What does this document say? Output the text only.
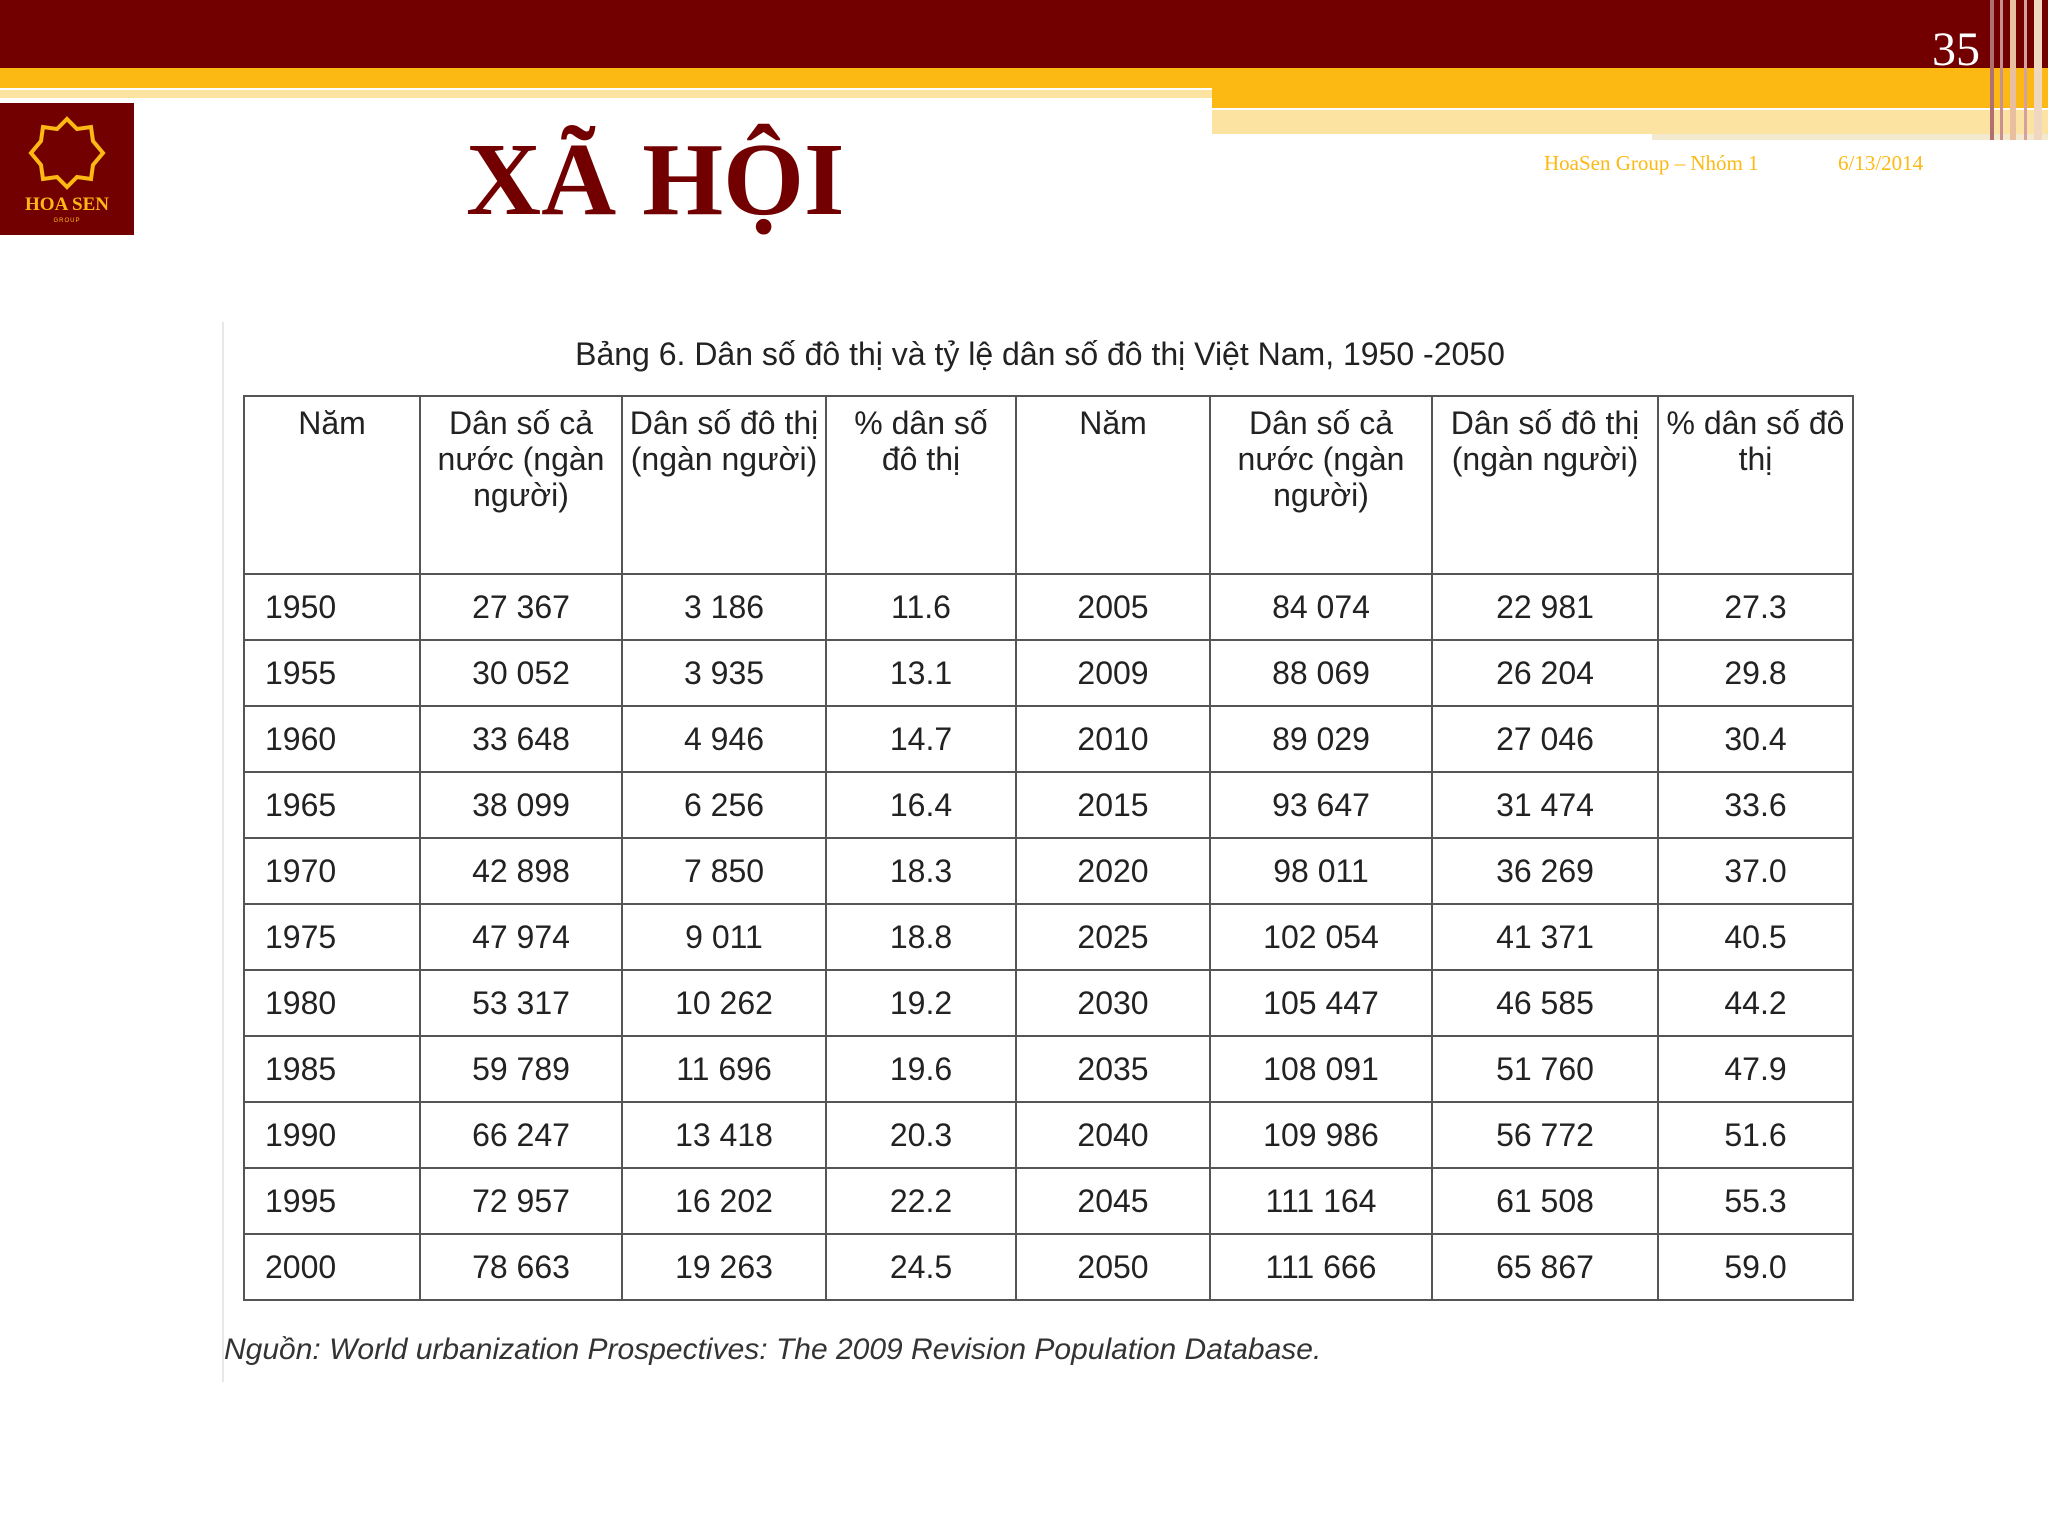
35
HOA SEN
GROUP	XÃ HỘI	HoaSen Group – Nhóm 1	6/13/2014

Bảng 6. Dân số đô thị và tỷ lệ dân số đô thị Việt Nam, 1950 -2050

Năm	Dân số cả nước (ngàn người)	Dân số đô thị (ngàn người)	% dân số đô thị	Năm	Dân số cả nước (ngàn người)	Dân số đô thị (ngàn người)	% dân số đô thị
1950	27 367	3 186	11.6	2005	84 074	22 981	27.3
1955	30 052	3 935	13.1	2009	88 069	26 204	29.8
1960	33 648	4 946	14.7	2010	89 029	27 046	30.4
1965	38 099	6 256	16.4	2015	93 647	31 474	33.6
1970	42 898	7 850	18.3	2020	98 011	36 269	37.0
1975	47 974	9 011	18.8	2025	102 054	41 371	40.5
1980	53 317	10 262	19.2	2030	105 447	46 585	44.2
1985	59 789	11 696	19.6	2035	108 091	51 760	47.9
1990	66 247	13 418	20.3	2040	109 986	56 772	51.6
1995	72 957	16 202	22.2	2045	111 164	61 508	55.3
2000	78 663	19 263	24.5	2050	111 666	65 867	59.0

Nguồn: World urbanization Prospectives: The 2009 Revision Population Database.
